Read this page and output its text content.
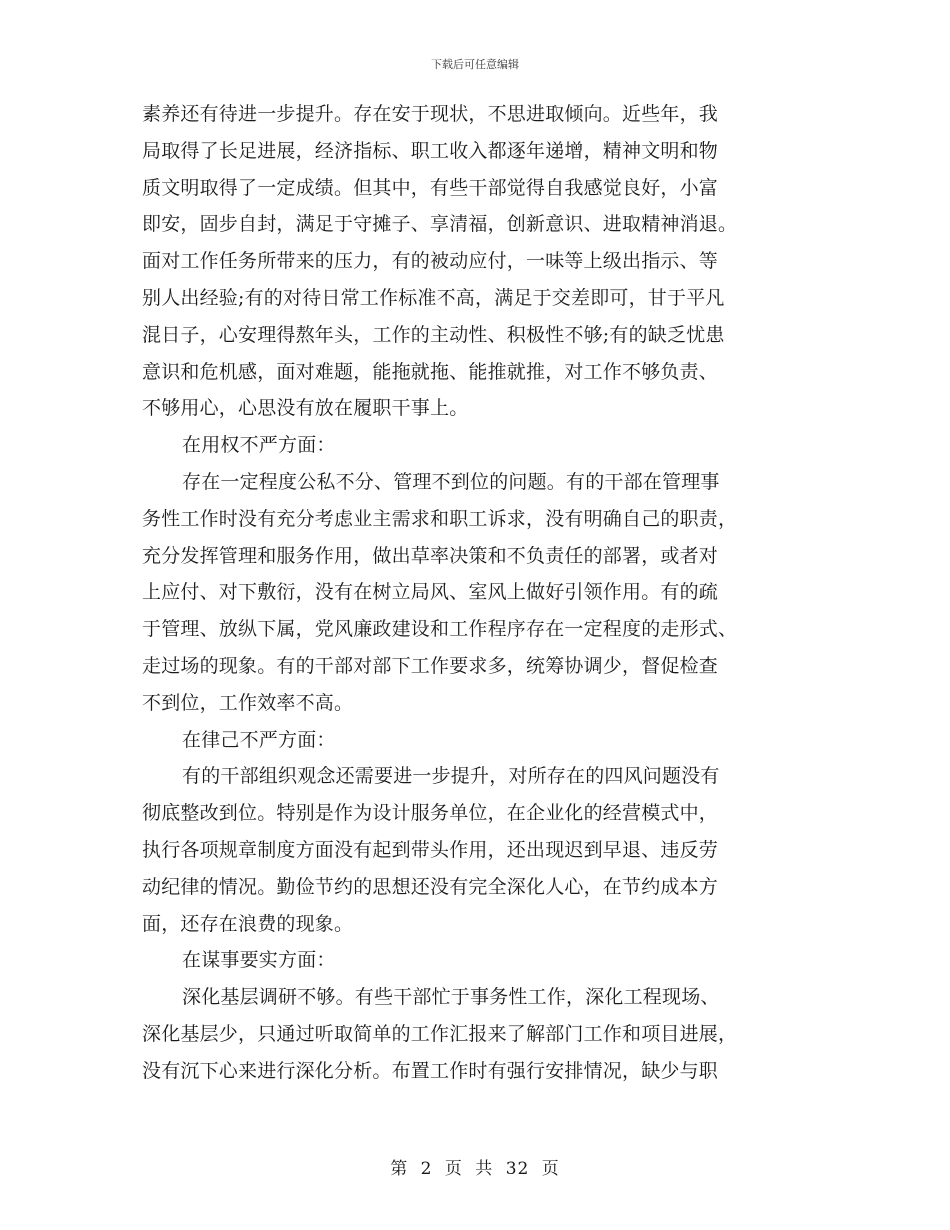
下载后可任意编辑
素养还有待进一步提升。存在安于现状，不思进取倾向。近些年，我
局取得了长足进展，经济指标、职工收入都逐年递增，精神文明和物
质文明取得了一定成绩。但其中，有些干部觉得自我感觉良好，小富
即安，固步自封，满足于守摊子、享清福，创新意识、进取精神消退。
面对工作任务所带来的压力，有的被动应付，一味等上级出指示、等
别人出经验;有的对待日常工作标准不高，满足于交差即可，甘于平凡
混日子，心安理得熬年头，工作的主动性、积极性不够;有的缺乏忧患
意识和危机感，面对难题，能拖就拖、能推就推，对工作不够负责、
不够用心，心思没有放在履职干事上。
在用权不严方面：
存在一定程度公私不分、管理不到位的问题。有的干部在管理事
务性工作时没有充分考虑业主需求和职工诉求，没有明确自己的职责，
充分发挥管理和服务作用，做出草率决策和不负责任的部署，或者对
上应付、对下敷衍，没有在树立局风、室风上做好引领作用。有的疏
于管理、放纵下属，党风廉政建设和工作程序存在一定程度的走形式、
走过场的现象。有的干部对部下工作要求多，统筹协调少，督促检查
不到位，工作效率不高。
在律己不严方面：
有的干部组织观念还需要进一步提升，对所存在的四风问题没有
彻底整改到位。特别是作为设计服务单位，在企业化的经营模式中，
执行各项规章制度方面没有起到带头作用，还出现迟到早退、违反劳
动纪律的情况。勤俭节约的思想还没有完全深化人心，在节约成本方
面，还存在浪费的现象。
在谋事要实方面：
深化基层调研不够。有些干部忙于事务性工作，深化工程现场、
深化基层少，只通过听取简单的工作汇报来了解部门工作和项目进展，
没有沉下心来进行深化分析。布置工作时有强行安排情况，缺少与职
第 2 页 共 32 页
